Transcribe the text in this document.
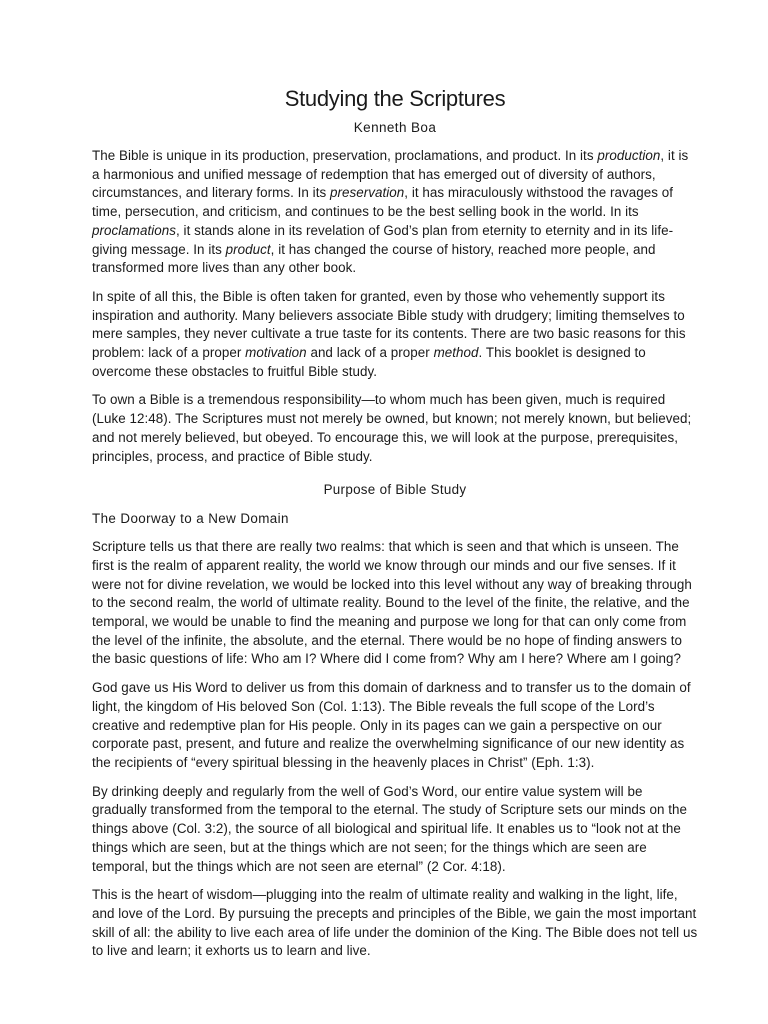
Studying the Scriptures
Kenneth Boa

The Bible is unique in its production, preservation, proclamations, and product. In its production, it is a harmonious and unified message of redemption that has emerged out of diversity of authors, circumstances, and literary forms. In its preservation, it has miraculously withstood the ravages of time, persecution, and criticism, and continues to be the best selling book in the world. In its proclamations, it stands alone in its revelation of God’s plan from eternity to eternity and in its life-giving message. In its product, it has changed the course of history, reached more people, and transformed more lives than any other book.

In spite of all this, the Bible is often taken for granted, even by those who vehemently support its inspiration and authority. Many believers associate Bible study with drudgery; limiting themselves to mere samples, they never cultivate a true taste for its contents. There are two basic reasons for this problem: lack of a proper motivation and lack of a proper method. This booklet is designed to overcome these obstacles to fruitful Bible study.

To own a Bible is a tremendous responsibility—to whom much has been given, much is required (Luke 12:48). The Scriptures must not merely be owned, but known; not merely known, but believed; and not merely believed, but obeyed. To encourage this, we will look at the purpose, prerequisites, principles, process, and practice of Bible study.

Purpose of Bible Study
The Doorway to a New Domain

Scripture tells us that there are really two realms: that which is seen and that which is unseen. The first is the realm of apparent reality, the world we know through our minds and our five senses. If it were not for divine revelation, we would be locked into this level without any way of breaking through to the second realm, the world of ultimate reality. Bound to the level of the finite, the relative, and the temporal, we would be unable to find the meaning and purpose we long for that can only come from the level of the infinite, the absolute, and the eternal. There would be no hope of finding answers to the basic questions of life: Who am I? Where did I come from? Why am I here? Where am I going?

God gave us His Word to deliver us from this domain of darkness and to transfer us to the domain of light, the kingdom of His beloved Son (Col. 1:13). The Bible reveals the full scope of the Lord’s creative and redemptive plan for His people. Only in its pages can we gain a perspective on our corporate past, present, and future and realize the overwhelming significance of our new identity as the recipients of “every spiritual blessing in the heavenly places in Christ” (Eph. 1:3).

By drinking deeply and regularly from the well of God’s Word, our entire value system will be gradually transformed from the temporal to the eternal. The study of Scripture sets our minds on the things above (Col. 3:2), the source of all biological and spiritual life. It enables us to “look not at the things which are seen, but at the things which are not seen; for the things which are seen are temporal, but the things which are not seen are eternal” (2 Cor. 4:18).

This is the heart of wisdom—plugging into the realm of ultimate reality and walking in the light, life, and love of the Lord. By pursuing the precepts and principles of the Bible, we gain the most important skill of all: the ability to live each area of life under the dominion of the King. The Bible does not tell us to live and learn; it exhorts us to learn and live.
